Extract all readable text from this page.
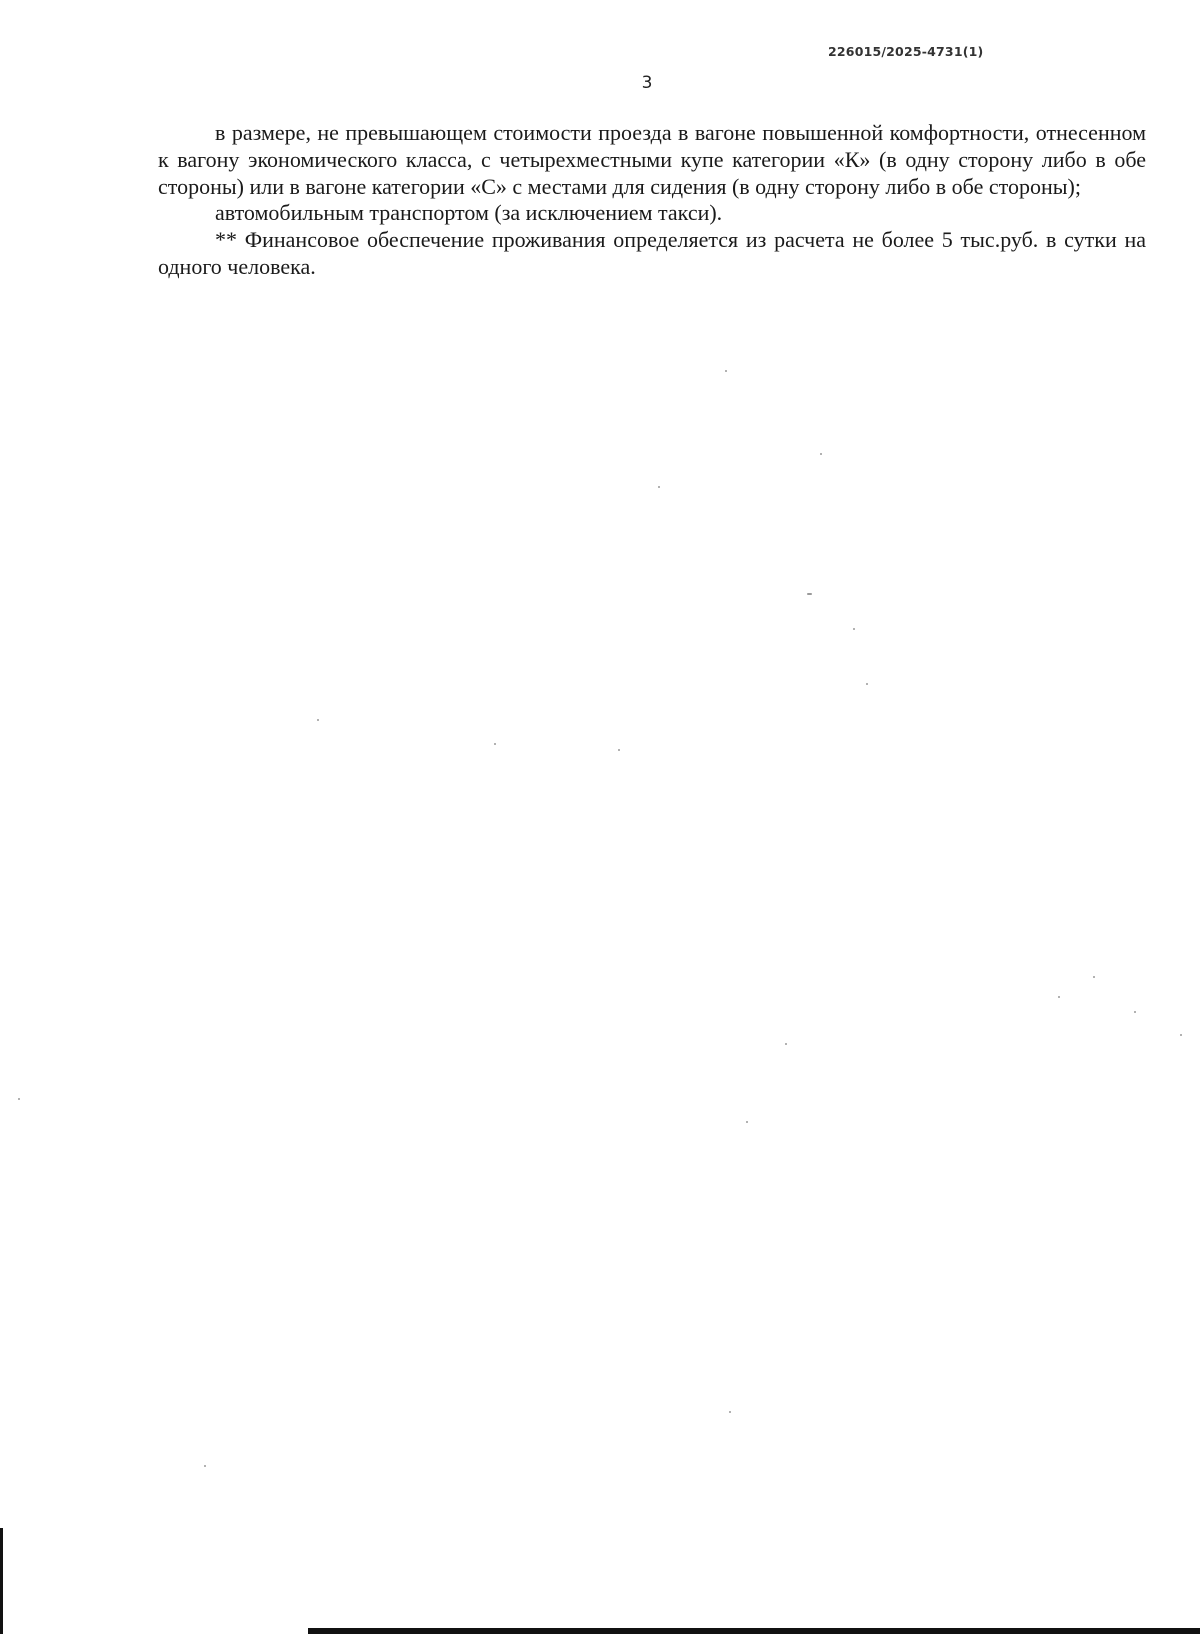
226015/2025-4731(1)
3

в размере, не превышающем стоимости проезда в вагоне повышенной комфортности, отнесенном к вагону экономического класса, с четырехместными купе категории «К» (в одну сторону либо в обе стороны) или в вагоне категории «С» с местами для сидения (в одну сторону либо в обе стороны);

автомобильным транспортом (за исключением такси).

** Финансовое обеспечение проживания определяется из расчета не более 5 тыс.руб. в сутки на одного человека.
